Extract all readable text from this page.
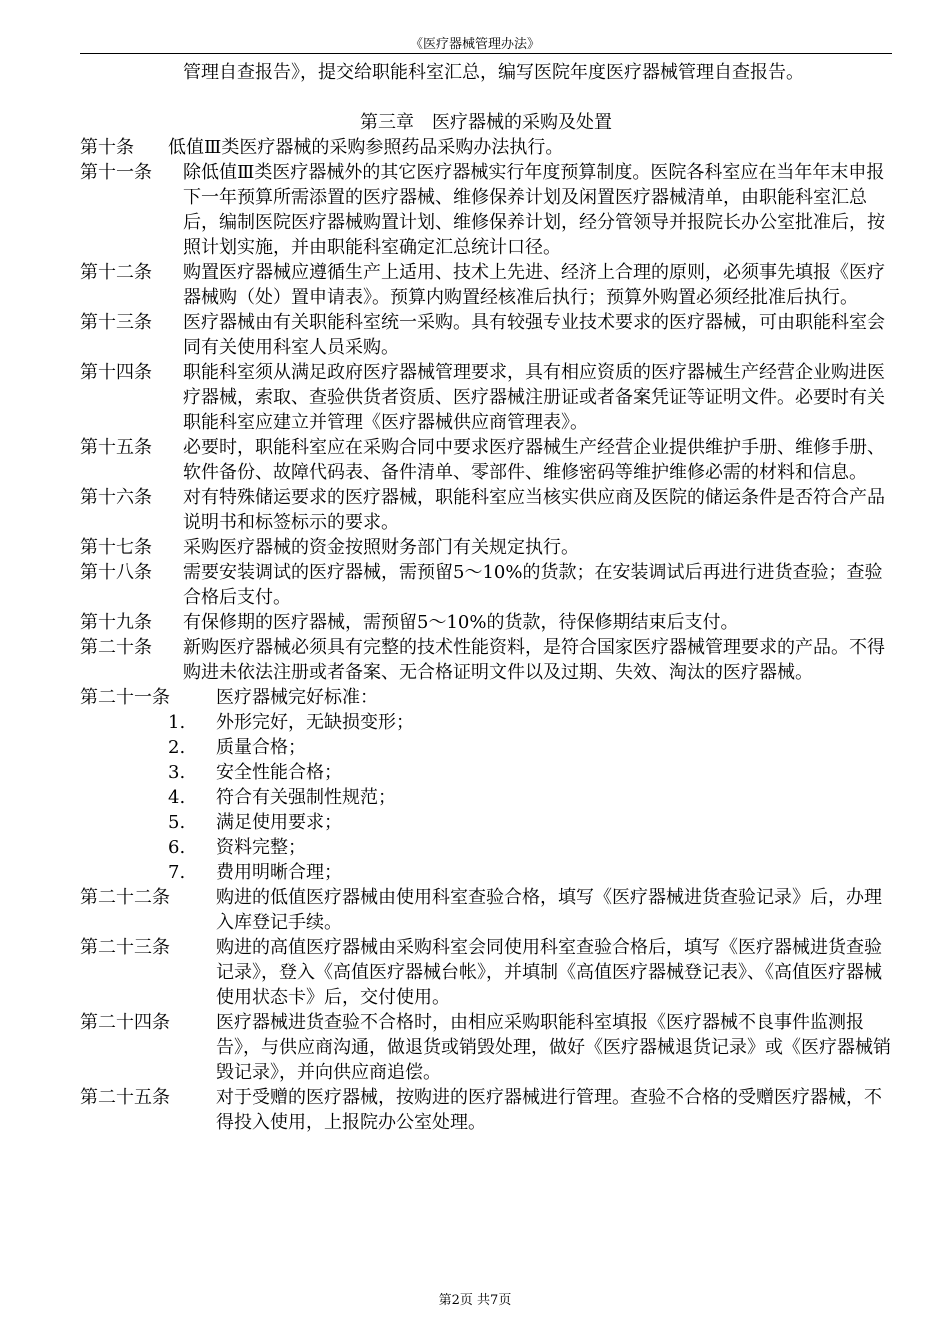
《医疗器械管理办法》
管理自查报告》，提交给职能科室汇总，编写医院年度医疗器械管理自查报告。
第三章　医疗器械的采购及处置
第十条	低值Ⅲ类医疗器械的采购参照药品采购办法执行。
第十一条	除低值Ⅲ类医疗器械外的其它医疗器械实行年度预算制度。医院各科室应在当年年末申报下一年预算所需添置的医疗器械、维修保养计划及闲置医疗器械清单，由职能科室汇总后，编制医院医疗器械购置计划、维修保养计划，经分管领导并报院长办公室批准后，按照计划实施，并由职能科室确定汇总统计口径。
第十二条	购置医疗器械应遵循生产上适用、技术上先进、经济上合理的原则，必须事先填报《医疗器械购（处）置申请表》。预算内购置经核准后执行；预算外购置必须经批准后执行。
第十三条	医疗器械由有关职能科室统一采购。具有较强专业技术要求的医疗器械，可由职能科室会同有关使用科室人员采购。
第十四条	职能科室须从满足政府医疗器械管理要求，具有相应资质的医疗器械生产经营企业购进医疗器械，索取、查验供货者资质、医疗器械注册证或者备案凭证等证明文件。必要时有关职能科室应建立并管理《医疗器械供应商管理表》。
第十五条	必要时，职能科室应在采购合同中要求医疗器械生产经营企业提供维护手册、维修手册、软件备份、故障代码表、备件清单、零部件、维修密码等维护维修必需的材料和信息。
第十六条	对有特殊储运要求的医疗器械，职能科室应当核实供应商及医院的储运条件是否符合产品说明书和标签标示的要求。
第十七条	采购医疗器械的资金按照财务部门有关规定执行。
第十八条	需要安装调试的医疗器械，需预留5～10%的货款；在安装调试后再进行进货查验；查验合格后支付。
第十九条	有保修期的医疗器械，需预留5～10%的货款，待保修期结束后支付。
第二十条	新购医疗器械必须具有完整的技术性能资料，是符合国家医疗器械管理要求的产品。不得购进未依法注册或者备案、无合格证明文件以及过期、失效、淘汰的医疗器械。
第二十一条	医疗器械完好标准：
1.	外形完好，无缺损变形；
2.	质量合格；
3.	安全性能合格；
4.	符合有关强制性规范；
5.	满足使用要求；
6.	资料完整；
7.	费用明晰合理；
第二十二条	购进的低值医疗器械由使用科室查验合格，填写《医疗器械进货查验记录》后，办理入库登记手续。
第二十三条	购进的高值医疗器械由采购科室会同使用科室查验合格后，填写《医疗器械进货查验记录》，登入《高值医疗器械台帐》，并填制《高值医疗器械登记表》、《高值医疗器械使用状态卡》后，交付使用。
第二十四条	医疗器械进货查验不合格时，由相应采购职能科室填报《医疗器械不良事件监测报告》，与供应商沟通，做退货或销毁处理，做好《医疗器械退货记录》或《医疗器械销毁记录》，并向供应商追偿。
第二十五条	对于受赠的医疗器械，按购进的医疗器械进行管理。查验不合格的受赠医疗器械，不得投入使用，上报院办公室处理。
第2页 共7页
